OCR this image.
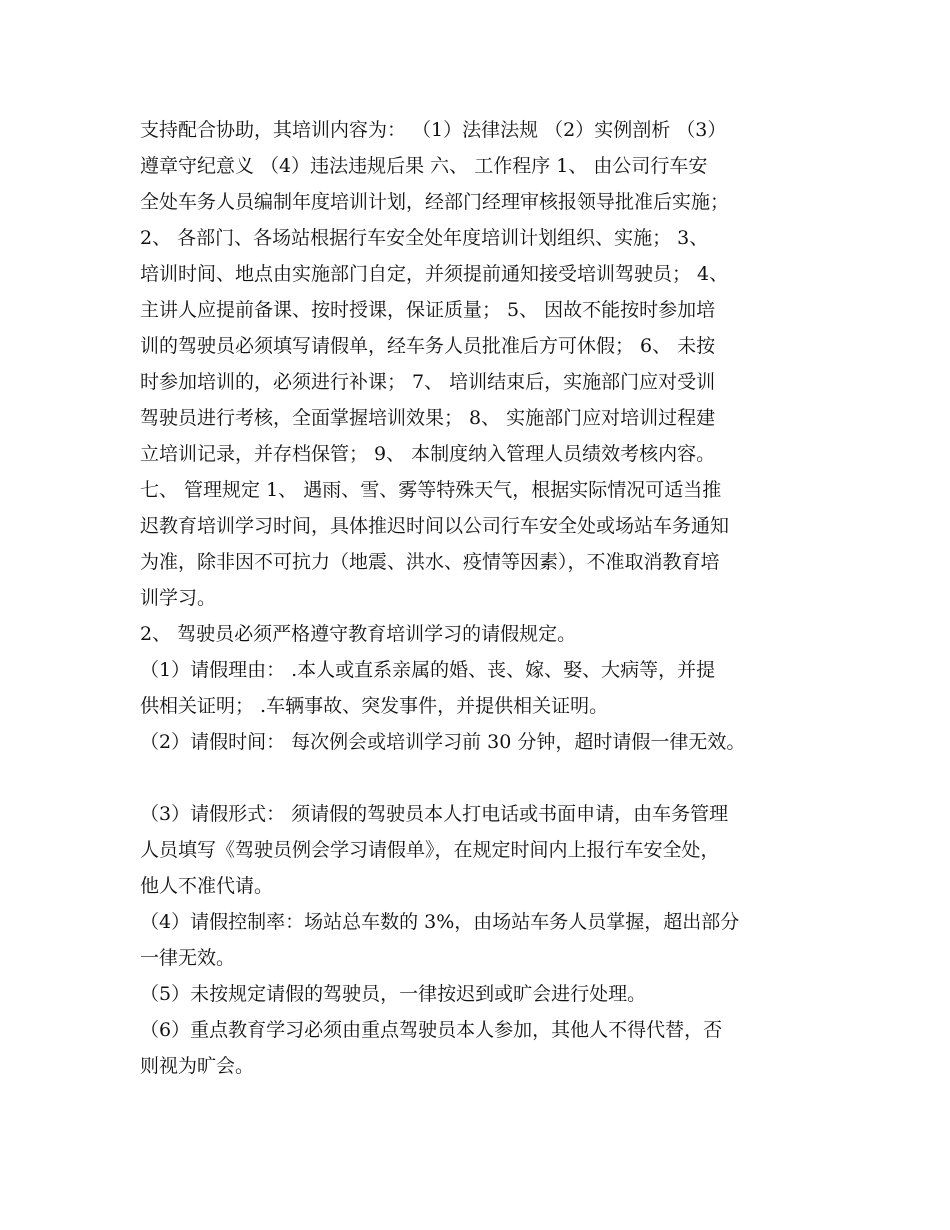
支持配合协助，其培训内容为： （1）法律法规 （2）实例剖析 （3）
遵章守纪意义 （4）违法违规后果 六、 工作程序 1、 由公司行车安
全处车务人员编制年度培训计划，经部门经理审核报领导批准后实施；
2、 各部门、各场站根据行车安全处年度培训计划组织、实施； 3、
培训时间、地点由实施部门自定，并须提前通知接受培训驾驶员； 4、
主讲人应提前备课、按时授课，保证质量； 5、 因故不能按时参加培
训的驾驶员必须填写请假单，经车务人员批准后方可休假； 6、 未按
时参加培训的，必须进行补课； 7、 培训结束后，实施部门应对受训
驾驶员进行考核，全面掌握培训效果； 8、 实施部门应对培训过程建
立培训记录，并存档保管； 9、 本制度纳入管理人员绩效考核内容。
七、 管理规定 1、 遇雨、雪、雾等特殊天气，根据实际情况可适当推
迟教育培训学习时间，具体推迟时间以公司行车安全处或场站车务通知
为准，除非因不可抗力（地震、洪水、疫情等因素），不准取消教育培
训学习。
2、 驾驶员必须严格遵守教育培训学习的请假规定。
（1）请假理由： .本人或直系亲属的婚、丧、嫁、娶、大病等，并提
供相关证明； .车辆事故、突发事件，并提供相关证明。
（2）请假时间： 每次例会或培训学习前 30 分钟，超时请假一律无效。
（3）请假形式： 须请假的驾驶员本人打电话或书面申请，由车务管理
人员填写《驾驶员例会学习请假单》，在规定时间内上报行车安全处，
他人不准代请。
（4）请假控制率：场站总车数的 3%，由场站车务人员掌握，超出部分
一律无效。
（5）未按规定请假的驾驶员，一律按迟到或旷会进行处理。
（6）重点教育学习必须由重点驾驶员本人参加，其他人不得代替，否
则视为旷会。
